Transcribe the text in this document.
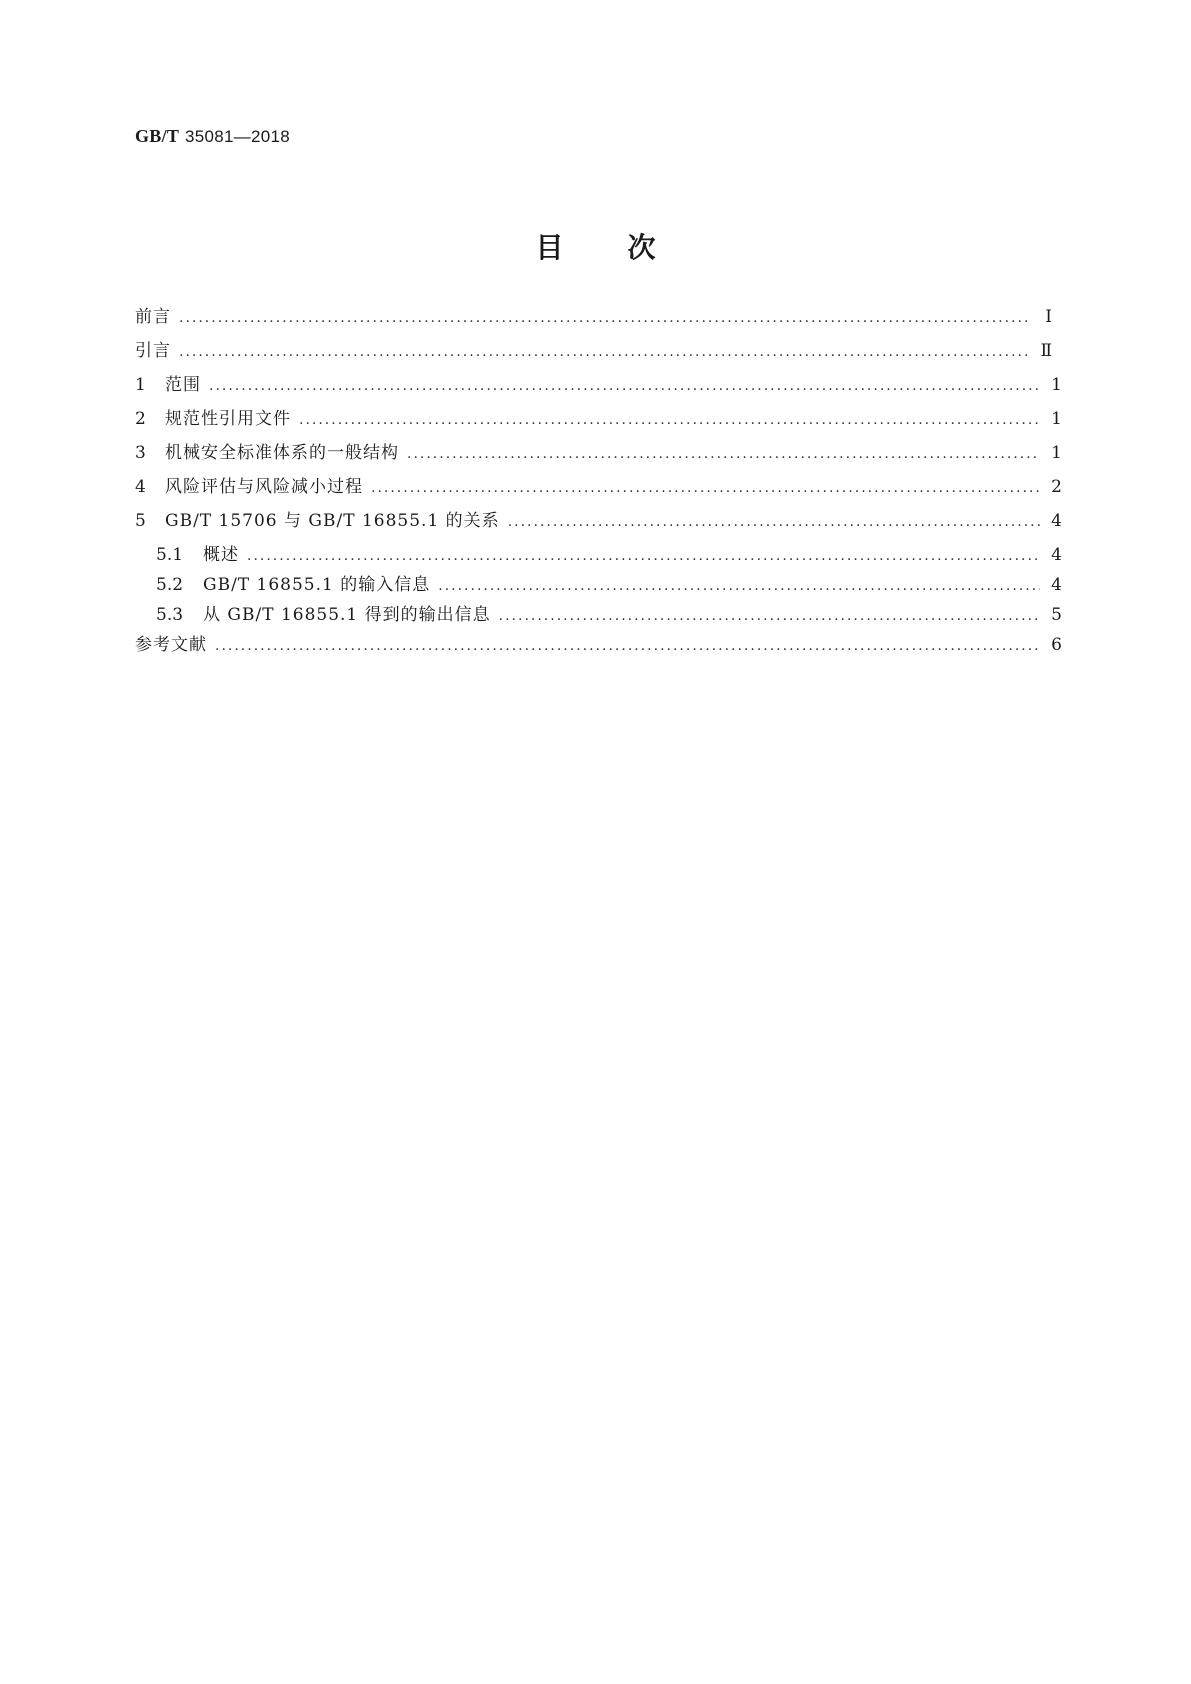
GB/T 35081—2018
目 次
前言 .....	Ⅰ
引言 .....	Ⅱ
1	范围 .....	1
2	规范性引用文件 .....	1
3	机械安全标准体系的一般结构 .....	1
4	风险评估与风险减小过程 .....	2
5	GB/T 15706 与 GB/T 16855.1 的关系 .....	4
5.1	概述 .....	4
5.2	GB/T 16855.1 的输入信息 .....	4
5.3	从 GB/T 16855.1 得到的输出信息 .....	5
参考文献 .....	6
